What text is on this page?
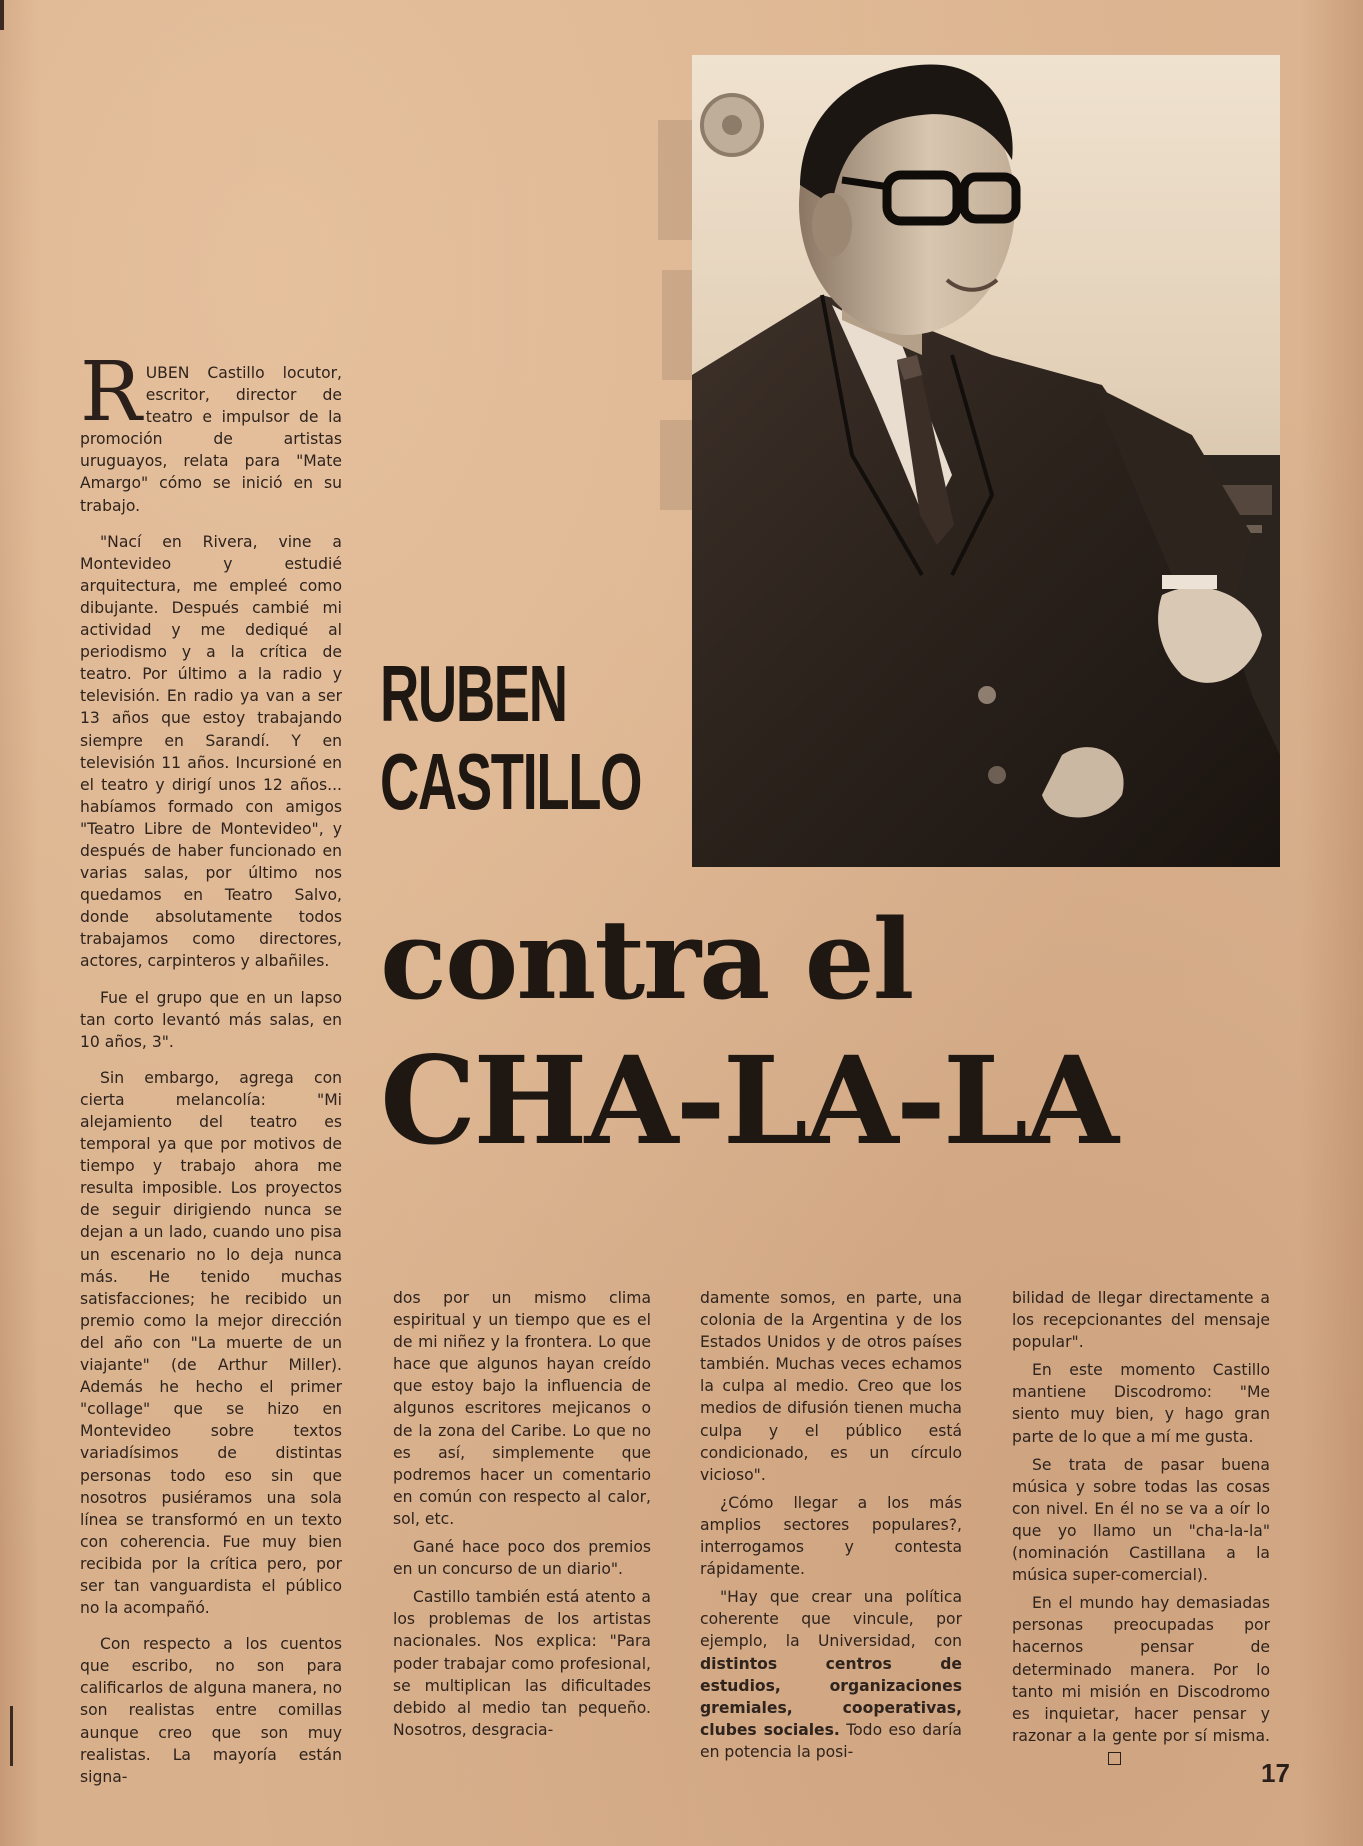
RUBEN
CASTILLO
contra el
CHA-LA-LA

RUBEN Castillo locutor, escritor, director de teatro e impulsor de la promoción de artistas uruguayos, relata para "Mate Amargo" cómo se inició en su trabajo.

"Nací en Rivera, vine a Montevideo y estudié arquitectura, me empleé como dibujante. Después cambié mi actividad y me dediqué al periodismo y a la crítica de teatro. Por último a la radio y televisión. En radio ya van a ser 13 años que estoy trabajando siempre en Sarandí. Y en televisión 11 años. Incursioné en el teatro y dirigí unos 12 años... habíamos formado con amigos "Teatro Libre de Montevideo", y después de haber funcionado en varias salas, por último nos quedamos en Teatro Salvo, donde absolutamente todos trabajamos como directores, actores, carpinteros y albañiles.

Fue el grupo que en un lapso tan corto levantó más salas, en 10 años, 3".

Sin embargo, agrega con cierta melancolía: "Mi alejamiento del teatro es temporal ya que por motivos de tiempo y trabajo ahora me resulta imposible. Los proyectos de seguir dirigiendo nunca se dejan a un lado, cuando uno pisa un escenario no lo deja nunca más. He tenido muchas satisfacciones; he recibido un premio como la mejor dirección del año con "La muerte de un viajante" (de Arthur Miller). Además he hecho el primer "collage" que se hizo en Montevideo sobre textos variadísimos de distintas personas todo eso sin que nosotros pusiéramos una sola línea se transformó en un texto con coherencia. Fue muy bien recibida por la crítica pero, por ser tan vanguardista el público no la acompañó.

Con respecto a los cuentos que escribo, no son para calificarlos de alguna manera, no son realistas entre comillas aunque creo que son muy realistas. La mayoría están signa-

dos por un mismo clima espiritual y un tiempo que es el de mi niñez y la frontera. Lo que hace que algunos hayan creído que estoy bajo la influencia de algunos escritores mejicanos o de la zona del Caribe. Lo que no es así, simplemente que podremos hacer un comentario en común con respecto al calor, sol, etc.

Gané hace poco dos premios en un concurso de un diario".

Castillo también está atento a los problemas de los artistas nacionales. Nos explica: "Para poder trabajar como profesional, se multiplican las dificultades debido al medio tan pequeño. Nosotros, desgracia-

damente somos, en parte, una colonia de la Argentina y de los Estados Unidos y de otros países también. Muchas veces echamos la culpa al medio. Creo que los medios de difusión tienen mucha culpa y el público está condicionado, es un círculo vicioso".

¿Cómo llegar a los más amplios sectores populares?, interrogamos y contesta rápidamente.

"Hay que crear una política coherente que vincule, por ejemplo, la Universidad, con distintos centros de estudios, organizaciones gremiales, cooperativas, clubes sociales. Todo eso daría en potencia la posi-

bilidad de llegar directamente a los recepcionantes del mensaje popular".

En este momento Castillo mantiene Discodromo: "Me siento muy bien, y hago gran parte de lo que a mí me gusta.

Se trata de pasar buena música y sobre todas las cosas con nivel. En él no se va a oír lo que yo llamo un "cha-la-la" (nominación Castillana a la música super-comercial).

En el mundo hay demasiadas personas preocupadas por hacernos pensar de determinado manera. Por lo tanto mi misión en Discodromo es inquietar, hacer pensar y razonar a la gente por sí misma.

17
